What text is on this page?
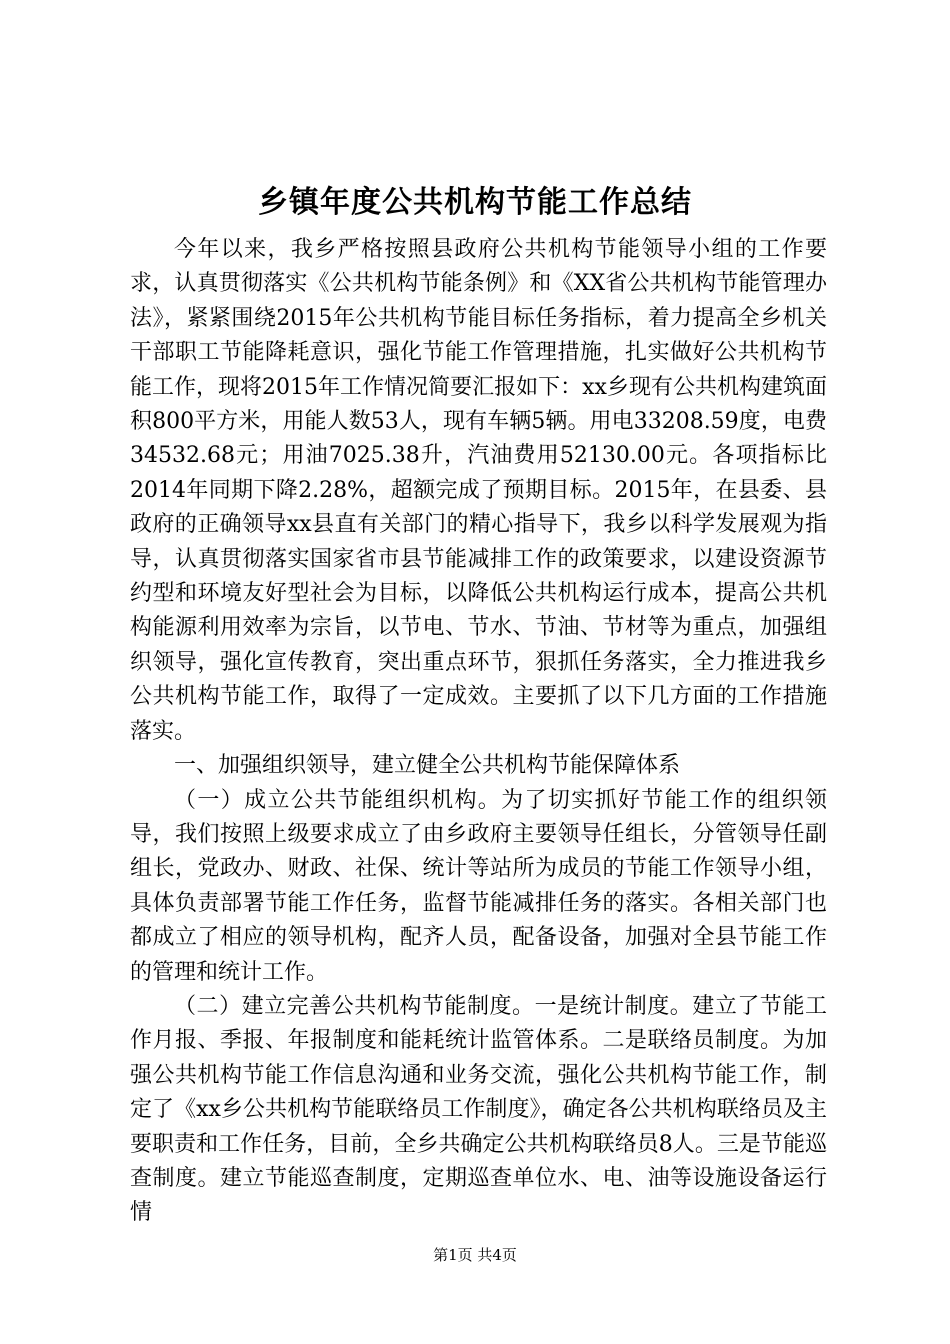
乡镇年度公共机构节能工作总结

今年以来，我乡严格按照县政府公共机构节能领导小组的工作要求，认真贯彻落实《公共机构节能条例》和《XX省公共机构节能管理办法》，紧紧围绕2015年公共机构节能目标任务指标，着力提高全乡机关干部职工节能降耗意识，强化节能工作管理措施，扎实做好公共机构节能工作，现将2015年工作情况简要汇报如下：xx乡现有公共机构建筑面积800平方米，用能人数53人，现有车辆5辆。用电33208.59度，电费34532.68元；用油7025.38升，汽油费用52130.00元。各项指标比2014年同期下降2.28%，超额完成了预期目标。2015年，在县委、县政府的正确领导xx县直有关部门的精心指导下，我乡以科学发展观为指导，认真贯彻落实国家省市县节能减排工作的政策要求，以建设资源节约型和环境友好型社会为目标，以降低公共机构运行成本，提高公共机构能源利用效率为宗旨，以节电、节水、节油、节材等为重点，加强组织领导，强化宣传教育，突出重点环节，狠抓任务落实，全力推进我乡公共机构节能工作，取得了一定成效。主要抓了以下几方面的工作措施落实。

一、加强组织领导，建立健全公共机构节能保障体系

（一）成立公共节能组织机构。为了切实抓好节能工作的组织领导，我们按照上级要求成立了由乡政府主要领导任组长，分管领导任副组长，党政办、财政、社保、统计等站所为成员的节能工作领导小组，具体负责部署节能工作任务，监督节能减排任务的落实。各相关部门也都成立了相应的领导机构，配齐人员，配备设备，加强对全县节能工作的管理和统计工作。

（二）建立完善公共机构节能制度。一是统计制度。建立了节能工作月报、季报、年报制度和能耗统计监管体系。二是联络员制度。为加强公共机构节能工作信息沟通和业务交流，强化公共机构节能工作，制定了《xx乡公共机构节能联络员工作制度》，确定各公共机构联络员及主要职责和工作任务，目前，全乡共确定公共机构联络员8人。三是节能巡查制度。建立节能巡查制度，定期巡查单位水、电、油等设施设备运行情

第1页 共4页
